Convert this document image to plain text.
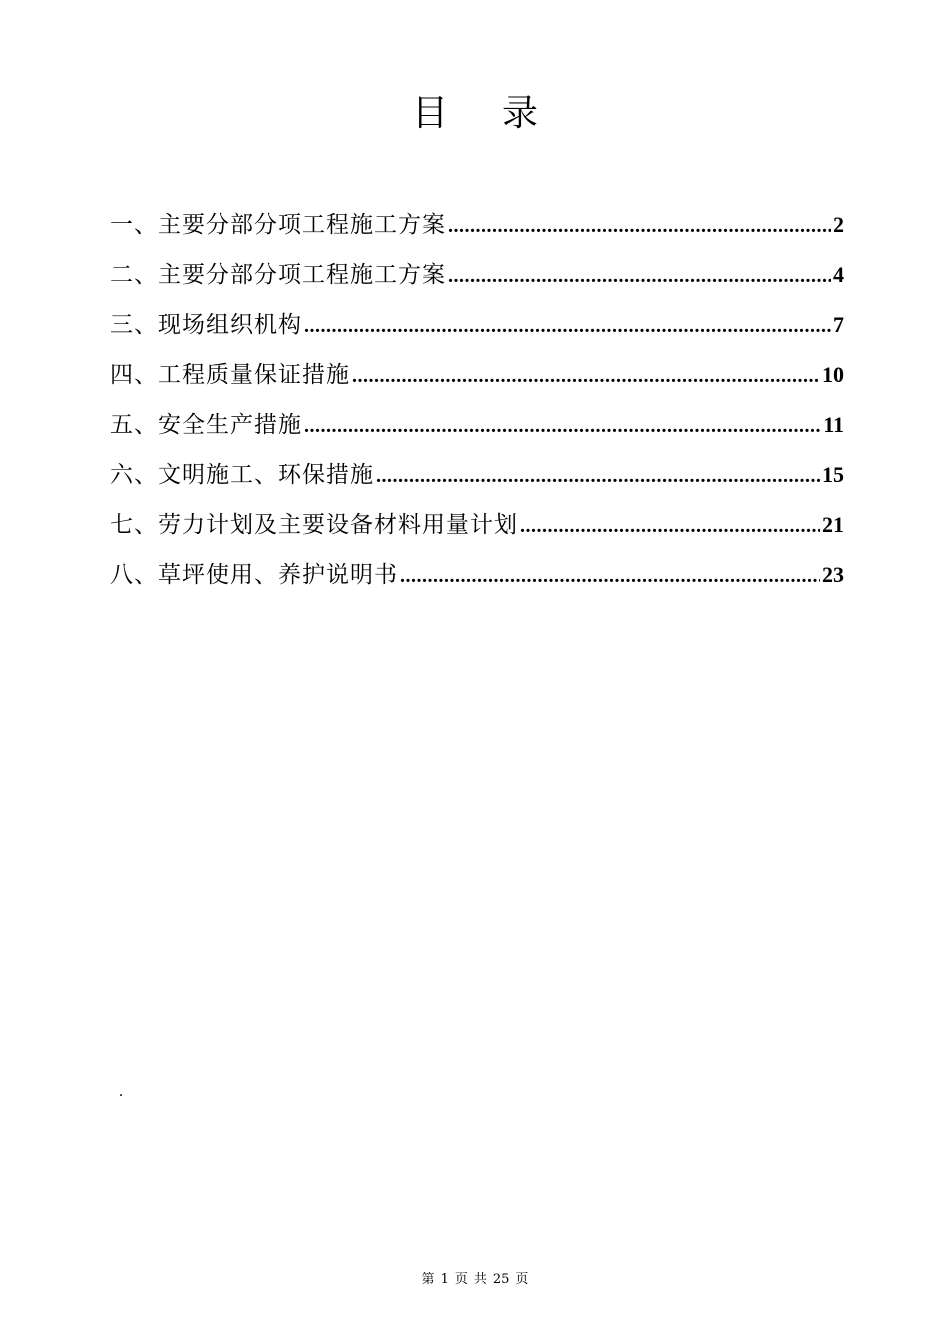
目 录
一、主要分部分项工程施工方案 .....	2
二、主要分部分项工程施工方案 .....	4
三、现场组织机构 .....	7
四、工程质量保证措施 .....	10
五、安全生产措施 .....	11
六、文明施工、环保措施 .....	15
七、劳力计划及主要设备材料用量计划 .....	21
八、草坪使用、养护说明书 .....	23
.
第 1 页 共 25 页
